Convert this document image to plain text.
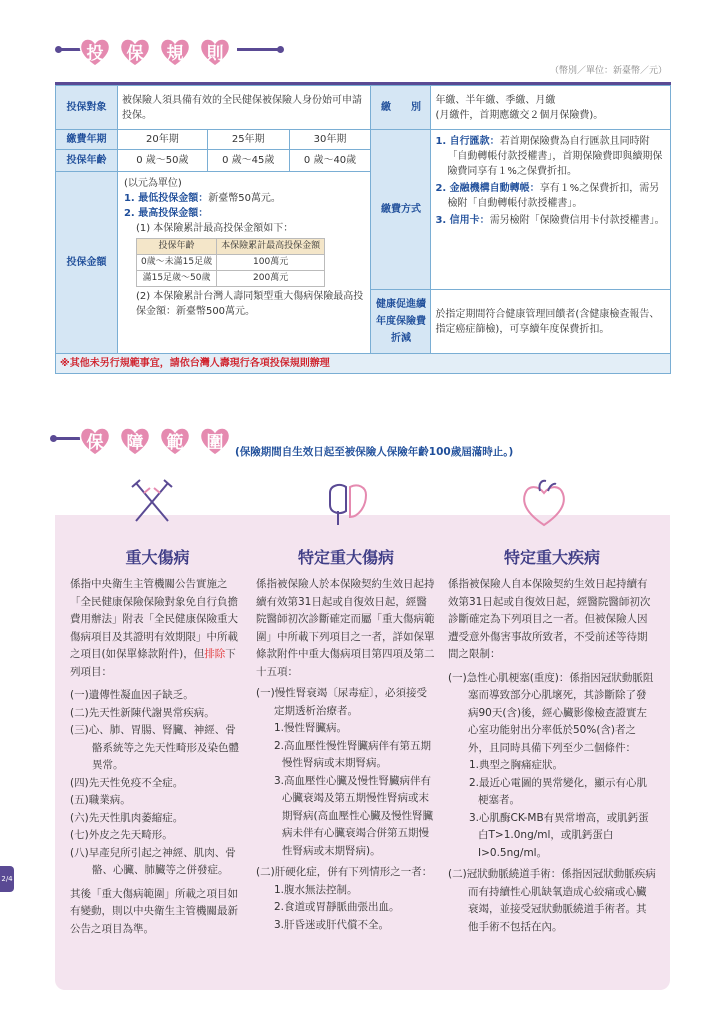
投	保	規	則
（幣別／單位：新臺幣／元）
投保對象	被保險人須具備有效的全民健保被保險人身份始可申請投保。	繳　　別	
年繳、半年繳、季繳、月繳
(月繳件，首期應繳交２個月保險費)。

繳費年期	20年期	25年期	30年期	繳費方式	
1. 自行匯款：若首期保險費為自行匯款且同時附「自動轉帳付款授權書」，首期保險費即與續期保險費同享有１%之保費折扣。
2. 金融機構自動轉帳：享有１%之保費折扣，需另檢附「自動轉帳付款授權書」。
3. 信用卡：需另檢附「保險費信用卡付款授權書」。

投保年齡	0 歲～50歲	0 歲～45歲	0 歲～40歲
投保金額	
(以元為單位)
1. 最低投保金額：新臺幣50萬元。
2. 最高投保金額：
(1) 本保險累計最高投保金額如下：
投保年齡	本保險累計最高投保金額
0歲～未滿15足歲	100萬元
滿15足歲～50歲	200萬元
(2) 本保險累計台灣人壽同類型重大傷病保險最高投保金額：新臺幣500萬元。

健康促進續年度保險費折減	於指定期間符合健康管理回饋者(含健康檢查報告、指定癌症篩檢)，可享續年度保費折扣。
※其他未另行規範事宜，請依台灣人壽現行各項投保規則辦理
保	障	範	圍	(保險期間自生效日起至被保險人保險年齡100歲屆滿時止。)
2/4
重大傷病
係指中央衛生主管機關公告實施之「全民健康保險保險對象免自行負擔費用辦法」附表「全民健康保險重大傷病項目及其證明有效期限」中所載之項目(如保單條款附件)，但排除下列項目：
(一)遺傳性凝血因子缺乏。
(二)先天性新陳代謝異常疾病。
(三)心、肺、胃腸、腎臟、神經、骨骼系統等之先天性畸形及染色體異常。
(四)先天性免疫不全症。
(五)職業病。
(六)先天性肌肉萎縮症。
(七)外皮之先天畸形。
(八)早產兒所引起之神經、肌肉、骨骼、心臟、肺臟等之併發症。
其後「重大傷病範圍」所載之項目如有變動，則以中央衛生主管機關最新公告之項目為準。
特定重大傷病
係指被保險人於本保險契約生效日起持續有效第31日起或自復效日起，經醫院醫師初次診斷確定而屬「重大傷病範圍」中所載下列項目之一者，詳如保單條款附件中重大傷病項目第四項及第二十五項：
(一)慢性腎衰竭〔尿毒症〕，必須接受定期透析治療者。
1.慢性腎臟病。
2.高血壓性慢性腎臟病伴有第五期慢性腎病或末期腎病。
3.高血壓性心臟及慢性腎臟病伴有心臟衰竭及第五期慢性腎病或末期腎病(高血壓性心臟及慢性腎臟病未伴有心臟衰竭合併第五期慢性腎病或末期腎病)。
(二)肝硬化症，併有下列情形之一者：
1.腹水無法控制。
2.食道或胃靜脈曲張出血。
3.肝昏迷或肝代償不全。
特定重大疾病
係指被保險人自本保險契約生效日起持續有效第31日起或自復效日起，經醫院醫師初次診斷確定為下列項目之一者。但被保險人因遭受意外傷害事故所致者，不受前述等待期間之限制：
(一)急性心肌梗塞(重度)：係指因冠狀動脈阻塞而導致部分心肌壞死，其診斷除了發病90天(含)後，經心臟影像檢查證實左心室功能射出分率低於50%(含)者之外，且同時具備下列至少二個條件：
1.典型之胸痛症狀。
2.最近心電圖的異常變化，顯示有心肌梗塞者。
3.心肌酶CK-MB有異常增高，或肌鈣蛋白T>1.0ng/ml，或肌鈣蛋白I>0.5ng/ml。
(二)冠狀動脈繞道手術：係指因冠狀動脈疾病而有持續性心肌缺氧造成心絞痛或心臟衰竭，並接受冠狀動脈繞道手術者。其他手術不包括在內。
